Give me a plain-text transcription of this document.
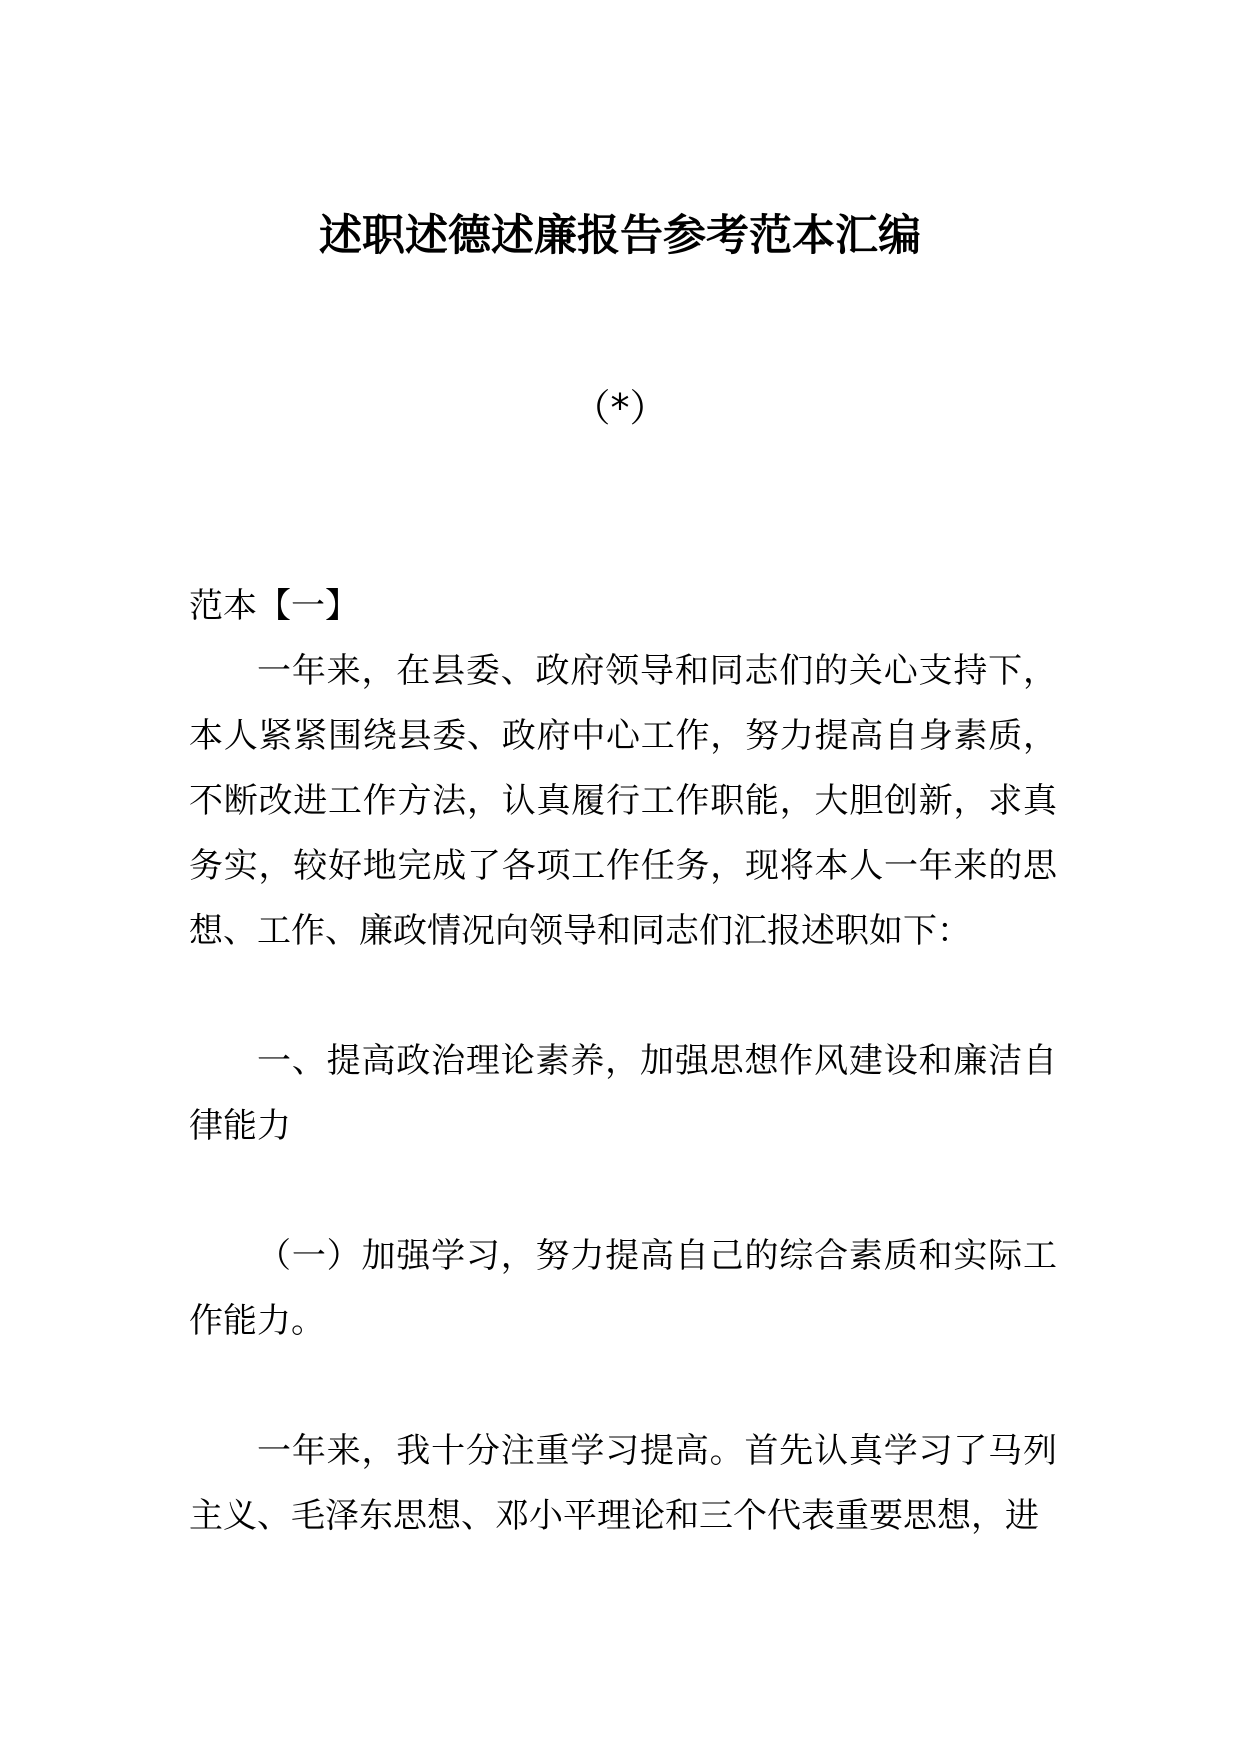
述职述德述廉报告参考范本汇编
（*）

范本【一】

一年来，在县委、政府领导和同志们的关心支持下，本人紧紧围绕县委、政府中心工作，努力提高自身素质，不断改进工作方法，认真履行工作职能，大胆创新，求真务实，较好地完成了各项工作任务，现将本人一年来的思想、工作、廉政情况向领导和同志们汇报述职如下：

一、提高政治理论素养，加强思想作风建设和廉洁自律能力

（一）加强学习，努力提高自己的综合素质和实际工作能力。

一年来，我十分注重学习提高。首先认真学习了马列主义、毛泽东思想、邓小平理论和三个代表重要思想，进
